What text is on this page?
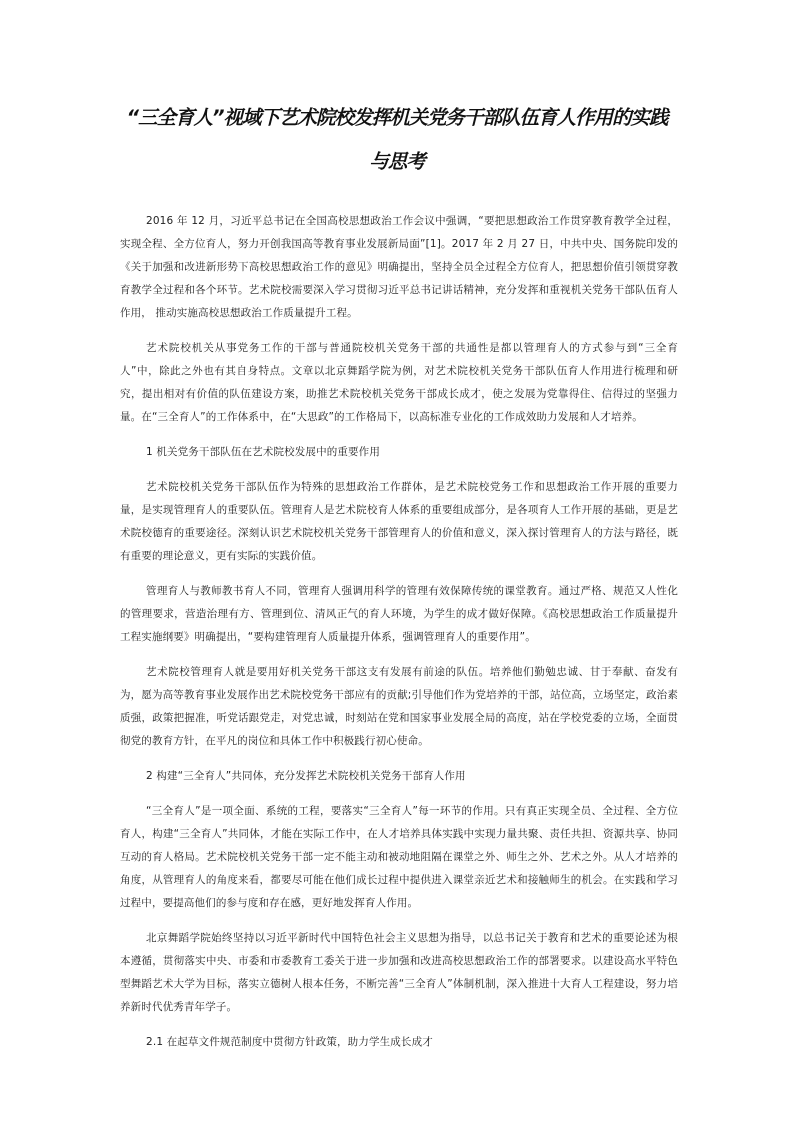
“三全育人”视域下艺术院校发挥机关党务干部队伍育人作用的实践
与思考

2016 年 12 月，习近平总书记在全国高校思想政治工作会议中强调，“要把思想政治工作贯穿教育教学全过程，实现全程、全方位育人，努力开创我国高等教育事业发展新局面”[1]。2017 年 2 月 27 日，中共中央、国务院印发的《关于加强和改进新形势下高校思想政治工作的意见》明确提出，坚持全员全过程全方位育人，把思想价值引领贯穿教育教学全过程和各个环节。艺术院校需要深入学习贯彻习近平总书记讲话精神，充分发挥和重视机关党务干部队伍育人作用， 推动实施高校思想政治工作质量提升工程。

艺术院校机关从事党务工作的干部与普通院校机关党务干部的共通性是都以管理育人的方式参与到“三全育人”中，除此之外也有其自身特点。文章以北京舞蹈学院为例，对艺术院校机关党务干部队伍育人作用进行梳理和研究，提出相对有价值的队伍建设方案，助推艺术院校机关党务干部成长成才，使之发展为党靠得住、信得过的坚强力量。在“三全育人”的工作体系中，在“大思政”的工作格局下，以高标准专业化的工作成效助力发展和人才培养。

1 机关党务干部队伍在艺术院校发展中的重要作用

艺术院校机关党务干部队伍作为特殊的思想政治工作群体，是艺术院校党务工作和思想政治工作开展的重要力量，是实现管理育人的重要队伍。管理育人是艺术院校育人体系的重要组成部分，是各项育人工作开展的基础，更是艺术院校德育的重要途径。深刻认识艺术院校机关党务干部管理育人的价值和意义，深入探讨管理育人的方法与路径，既有重要的理论意义，更有实际的实践价值。

管理育人与教师教书育人不同，管理育人强调用科学的管理有效保障传统的课堂教育。通过严格、规范又人性化的管理要求，营造治理有方、管理到位、清风正气的育人环境，为学生的成才做好保障。《高校思想政治工作质量提升工程实施纲要》明确提出，“要构建管理育人质量提升体系，强调管理育人的重要作用”。

艺术院校管理育人就是要用好机关党务干部这支有发展有前途的队伍。培养他们勤勉忠诚、甘于奉献、奋发有为，愿为高等教育事业发展作出艺术院校党务干部应有的贡献;引导他们作为党培养的干部，站位高，立场坚定，政治素质强，政策把握准，听党话跟党走，对党忠诚，时刻站在党和国家事业发展全局的高度，站在学校党委的立场，全面贯彻党的教育方针，在平凡的岗位和具体工作中积极践行初心使命。

2 构建“三全育人”共同体，充分发挥艺术院校机关党务干部育人作用

“三全育人”是一项全面、系统的工程，要落实“三全育人”每一环节的作用。只有真正实现全员、全过程、全方位育人，构建“三全育人”共同体，才能在实际工作中，在人才培养具体实践中实现力量共聚、责任共担、资源共享、协同互动的育人格局。艺术院校机关党务干部一定不能主动和被动地阻隔在课堂之外、师生之外、艺术之外。从人才培养的角度，从管理育人的角度来看，都要尽可能在他们成长过程中提供进入课堂亲近艺术和接触师生的机会。在实践和学习过程中，要提高他们的参与度和存在感，更好地发挥育人作用。

北京舞蹈学院始终坚持以习近平新时代中国特色社会主义思想为指导，以总书记关于教育和艺术的重要论述为根本遵循，贯彻落实中央、市委和市委教育工委关于进一步加强和改进高校思想政治工作的部署要求。以建设高水平特色型舞蹈艺术大学为目标，落实立德树人根本任务，不断完善“三全育人”体制机制，深入推进十大育人工程建设，努力培养新时代优秀青年学子。

2.1 在起草文件规范制度中贯彻方针政策，助力学生成长成才
